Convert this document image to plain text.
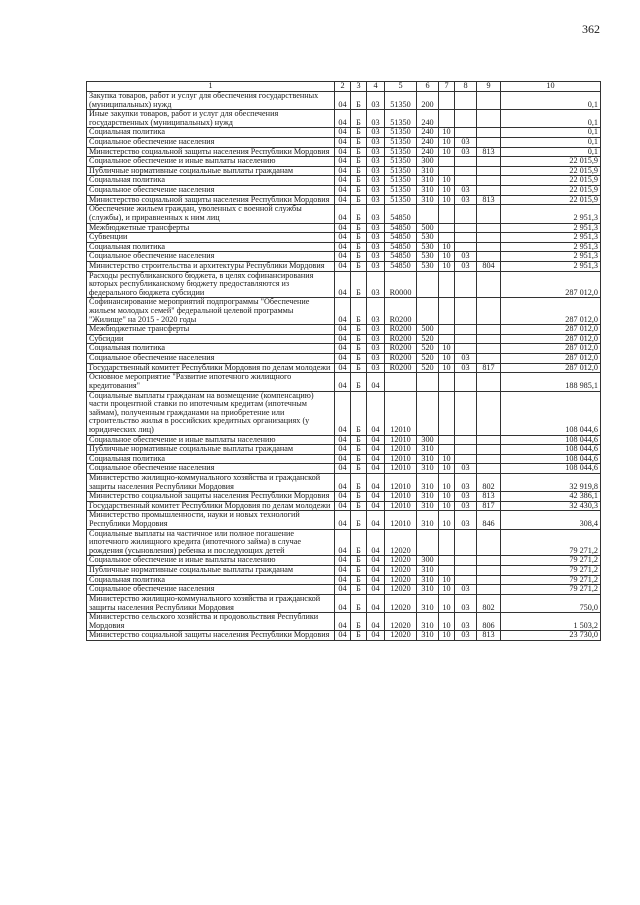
362
1	2	3	4	5	6	7	8	9	10
Закупка товаров, работ и услуг для обеспечения государственных (муниципальных) нужд	04	Б	03	51350	200				0,1
Иные закупки товаров, работ и услуг для обеспечения государственных (муниципальных) нужд	04	Б	03	51350	240				0,1
Социальная политика	04	Б	03	51350	240	10			0,1
Социальное обеспечение населения	04	Б	03	51350	240	10	03		0,1
Министерство социальной защиты населения Республики Мордовия	04	Б	03	51350	240	10	03	813	0,1
Социальное обеспечение и иные выплаты населению	04	Б	03	51350	300				22 015,9
Публичные нормативные социальные выплаты гражданам	04	Б	03	51350	310				22 015,9
Социальная политика	04	Б	03	51350	310	10			22 015,9
Социальное обеспечение населения	04	Б	03	51350	310	10	03		22 015,9
Министерство социальной защиты населения Республики Мордовия	04	Б	03	51350	310	10	03	813	22 015,9
Обеспечение жильем граждан, уволенных с военной службы (службы), и приравненных к ним лиц	04	Б	03	54850					2 951,3
Межбюджетные трансферты	04	Б	03	54850	500				2 951,3
Субвенции	04	Б	03	54850	530				2 951,3
Социальная политика	04	Б	03	54850	530	10			2 951,3
Социальное обеспечение населения	04	Б	03	54850	530	10	03		2 951,3
Министерство строительства и архитектуры Республики Мордовия	04	Б	03	54850	530	10	03	804	2 951,3
Расходы республиканского бюджета, в целях софинансирования которых республиканскому бюджету предоставляются из федерального бюджета субсидии	04	Б	03	R0000					287 012,0
Софинансирование мероприятий подпрограммы "Обеспечение жильем молодых семей" федеральной целевой программы "Жилище" на 2015 - 2020 годы	04	Б	03	R0200					287 012,0
Межбюджетные трансферты	04	Б	03	R0200	500				287 012,0
Субсидии	04	Б	03	R0200	520				287 012,0
Социальная политика	04	Б	03	R0200	520	10			287 012,0
Социальное обеспечение населения	04	Б	03	R0200	520	10	03		287 012,0
Государственный комитет Республики Мордовия по делам молодежи	04	Б	03	R0200	520	10	03	817	287 012,0
Основное мероприятие "Развитие ипотечного жилищного кредитования"	04	Б	04						188 985,1
Социальные выплаты гражданам на возмещение (компенсацию) части процентной ставки по ипотечным кредитам (ипотечным займам), полученным гражданами на приобретение или строительство жилья в российских кредитных организациях (у юридических лиц)	04	Б	04	12010					108 044,6
Социальное обеспечение и иные выплаты населению	04	Б	04	12010	300				108 044,6
Публичные нормативные социальные выплаты гражданам	04	Б	04	12010	310				108 044,6
Социальная политика	04	Б	04	12010	310	10			108 044,6
Социальное обеспечение населения	04	Б	04	12010	310	10	03		108 044,6
Министерство жилищно-коммунального хозяйства и гражданской защиты населения Республики Мордовия	04	Б	04	12010	310	10	03	802	32 919,8
Министерство социальной защиты населения Республики Мордовия	04	Б	04	12010	310	10	03	813	42 386,1
Государственный комитет Республики Мордовия по делам молодежи	04	Б	04	12010	310	10	03	817	32 430,3
Министерство промышленности, науки и новых технологий Республики Мордовия	04	Б	04	12010	310	10	03	846	308,4
Социальные выплаты на частичное или полное погашение ипотечного жилищного кредита (ипотечного займа) в случае рождения (усыновления) ребенка и последующих детей	04	Б	04	12020					79 271,2
Социальное обеспечение и иные выплаты населению	04	Б	04	12020	300				79 271,2
Публичные нормативные социальные выплаты гражданам	04	Б	04	12020	310				79 271,2
Социальная политика	04	Б	04	12020	310	10			79 271,2
Социальное обеспечение населения	04	Б	04	12020	310	10	03		79 271,2
Министерство жилищно-коммунального хозяйства и гражданской защиты населения Республики Мордовия	04	Б	04	12020	310	10	03	802	750,0
Министерство сельского хозяйства и продовольствия Республики Мордовия	04	Б	04	12020	310	10	03	806	1 503,2
Министерство социальной защиты населения Республики Мордовия	04	Б	04	12020	310	10	03	813	23 730,0
